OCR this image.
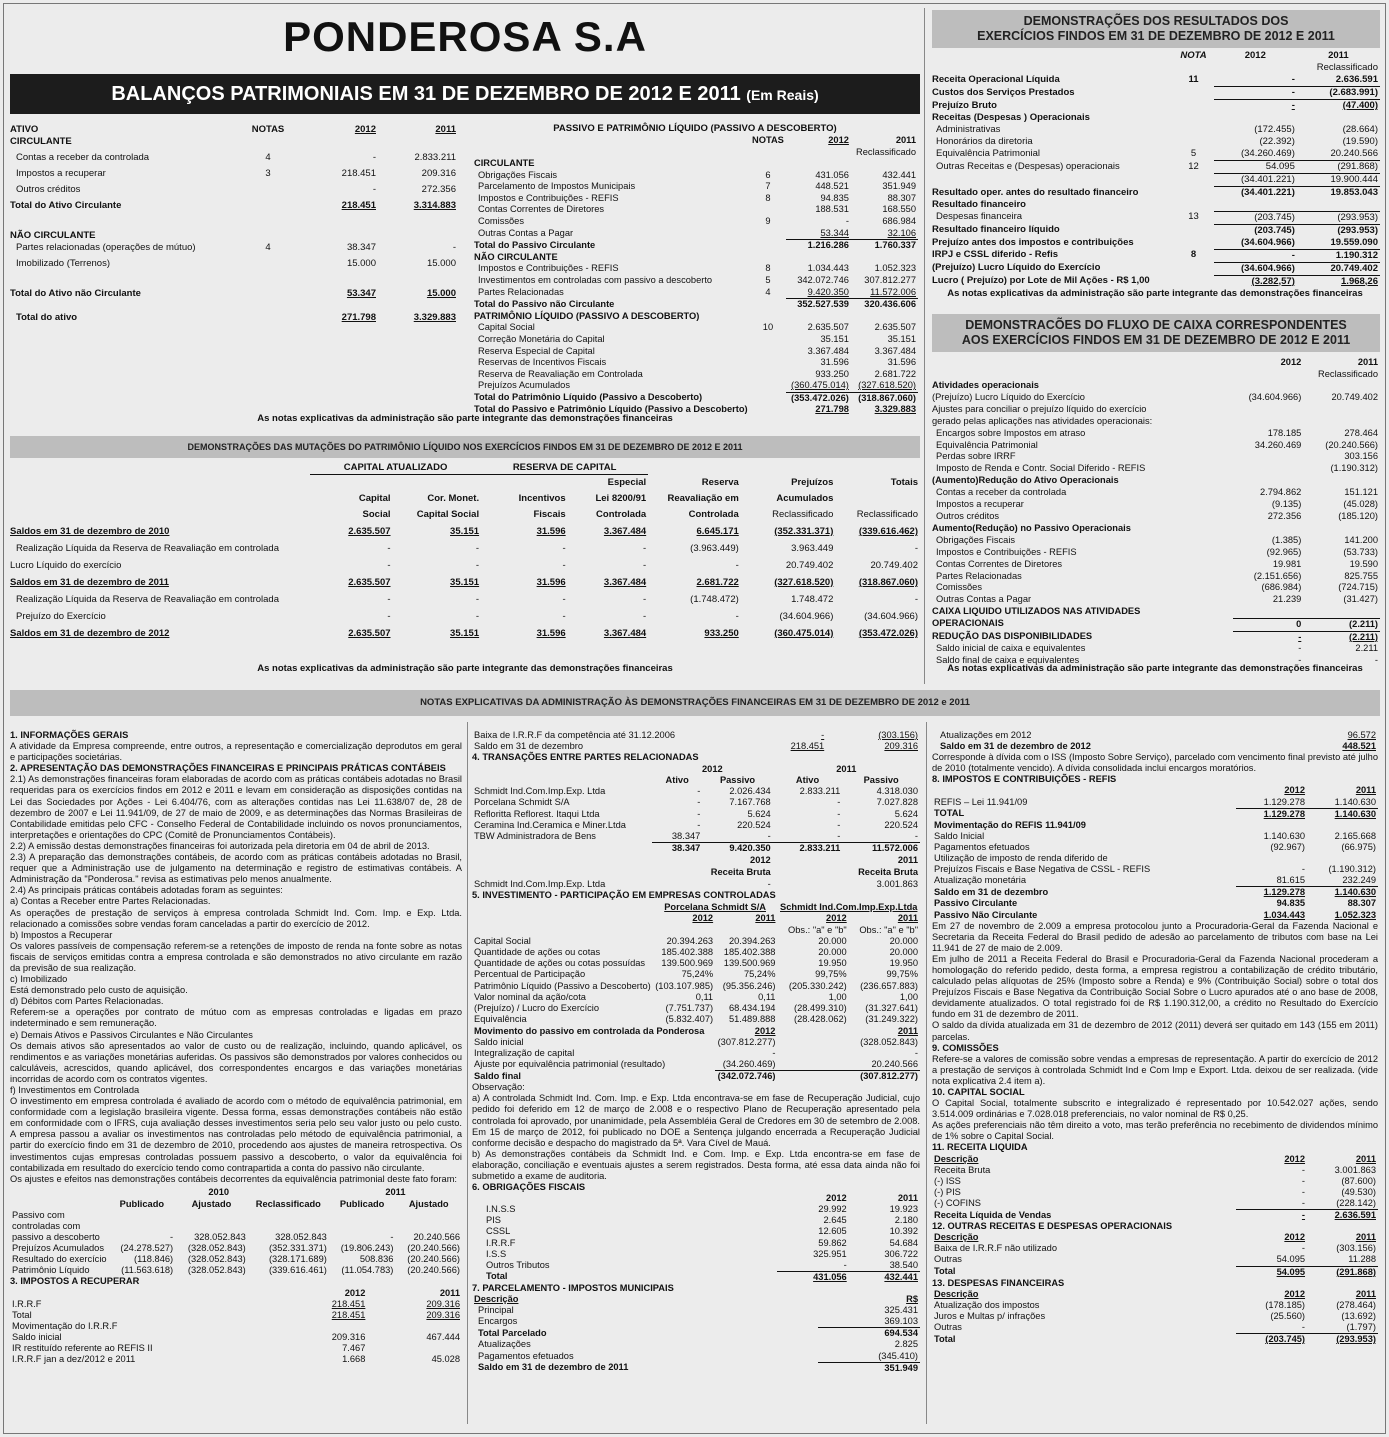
PONDEROSA S.A
BALANÇOS PATRIMONIAIS EM 31 DE DEZEMBRO DE 2012 E 2011 (Em Reais)
ATIVO	NOTAS	2012	2011
CIRCULANTE			
Contas a receber da controlada	4	-	2.833.211
Impostos a recuperar	3	218.451	209.316
Outros créditos		-	272.356
Total do Ativo Circulante		218.451	3.314.883
NÃO CIRCULANTE			
Partes relacionadas (operações de mútuo)	4	38.347	-
Imobilizado (Terrenos)		15.000	15.000
Total do Ativo não Circulante		53.347	15.000
Total do ativo		271.798	3.329.883
PASSIVO E PATRIMÔNIO LÍQUIDO (PASSIVO A DESCOBERTO)
	NOTAS	2012	2011
			Reclassificado
CIRCULANTE			
Obrigações Fiscais	6	431.056	432.441
Parcelamento de Impostos Municipais	7	448.521	351.949
Impostos e Contribuições - REFIS	8	94.835	88.307
Contas Correntes de Diretores		188.531	168.550
Comissões	9	-	686.984
Outras Contas a Pagar		53.344	32.106
Total do Passivo Circulante		1.216.286	1.760.337
NÃO CIRCULANTE			
Impostos e Contribuições - REFIS	8	1.034.443	1.052.323
Investimentos em controladas com passivo a descoberto	5	342.072.746	307.812.277
Partes Relacionadas	4	9.420.350	11.572.006
Total do Passivo não Circulante		352.527.539	320.436.606
PATRIMÔNIO LÍQUIDO (PASSIVO A DESCOBERTO)			
Capital Social	10	2.635.507	2.635.507
Correção Monetária do Capital		35.151	35.151
Reserva Especial de Capital		3.367.484	3.367.484
Reservas de Incentivos Fiscais		31.596	31.596
Reserva de Reavaliação em Controlada		933.250	2.681.722
Prejuízos Acumulados		(360.475.014)	(327.618.520)
Total do Patrimônio Líquido (Passivo a Descoberto)		(353.472.026)	(318.867.060)
Total do Passivo e Patrimônio Líquido (Passivo a Descoberto)		271.798	3.329.883
As notas explicativas da administração são parte integrante das demonstrações financeiras
DEMONSTRAÇÕES DAS MUTAÇÕES DO PATRIMÔNIO LÍQUIDO NOS EXERCÍCIOS FINDOS EM 31 DE DEZEMBRO DE 2012 E 2011
	CAPITAL ATUALIZADO		RESERVA DE CAPITAL				
				Especial	Reserva	Prejuízos	Totais
	Capital	Cor. Monet.	Incentivos	Lei 8200/91	Reavaliação em	Acumulados	
	Social	Capital Social	Fiscais	Controlada	Controlada	Reclassificado	Reclassificado
Saldos em 31 de dezembro de 2010	2.635.507	35.151	31.596	3.367.484	6.645.171	(352.331.371)	(339.616.462)
Realização Líquida da Reserva de Reavaliação em controlada	-	-	-	-	(3.963.449)	3.963.449	-
Lucro Líquido do exercício	-	-	-	-	-	20.749.402	20.749.402
Saldos em 31 de dezembro de 2011	2.635.507	35.151	31.596	3.367.484	2.681.722	(327.618.520)	(318.867.060)
Realização Líquida da Reserva de Reavaliação em controlada	-	-	-	-	(1.748.472)	1.748.472	-
Prejuízo do Exercício	-	-	-	-	-	(34.604.966)	(34.604.966)
Saldos em 31 de dezembro de 2012	2.635.507	35.151	31.596	3.367.484	933.250	(360.475.014)	(353.472.026)
As notas explicativas da administração são parte integrante das demonstrações financeiras
DEMONSTRAÇÕES DOS RESULTADOS DOS
EXERCÍCIOS FINDOS EM 31 DE DEZEMBRO DE 2012 E 2011
	NOTA	2012	2011
			Reclassificado
Receita Operacional Líquida	11	-	2.636.591
Custos dos Serviços Prestados		-	(2.683.991)
Prejuízo Bruto		-	(47.400)
Receitas (Despesas ) Operacionais			
Administrativas		(172.455)	(28.664)
Honorários da diretoria		(22.392)	(19.590)
Equivalência Patrimonial	5	(34.260.469)	20.240.566
Outras Receitas e (Despesas) operacionais	12	54.095	(291.868)
		(34.401.221)	19.900.444
Resultado oper. antes do resultado financeiro		(34.401.221)	19.853.043
Resultado financeiro			
Despesas financeira	13	(203.745)	(293.953)
Resultado financeiro líquido		(203.745)	(293.953)
Prejuízo antes dos impostos e contribuições		(34.604.966)	19.559.090
IRPJ e CSSL diferido - Refis	8	-	1.190.312
(Prejuízo) Lucro Líquido do Exercício		(34.604.966)	20.749.402
Lucro ( Prejuízo) por Lote de Mil Ações - R$ 1,00		(3.282,57)	1.968,26
As notas explicativas da administração são parte integrante das demonstrações financeiras
DEMONSTRACÕES DO FLUXO DE CAIXA CORRESPONDENTES
AOS EXERCÍCIOS FINDOS EM 31 DE DEZEMBRO DE 2012 E 2011
	2012	2011
		Reclassificado
Atividades operacionais		
(Prejuízo) Lucro Líquido do Exercício	(34.604.966)	20.749.402
Ajustes para conciliar o prejuízo líquido do exercício		
gerado pelas aplicações nas atividades operacionais:		
Encargos sobre Impostos em atraso	178.185	278.464
Equivalência Patrimonial	34.260.469	(20.240.566)
Perdas sobre IRRF		303.156
Imposto de Renda e Contr. Social Diferido - REFIS		(1.190.312)
(Aumento)Redução do Ativo Operacionais		
Contas a receber da controlada	2.794.862	151.121
Impostos a recuperar	(9.135)	(45.028)
Outros créditos	272.356	(185.120)
Aumento(Redução) no Passivo Operacionais		
Obrigações Fiscais	(1.385)	141.200
Impostos e Contribuições - REFIS	(92.965)	(53.733)
Contas Correntes de Diretores	19.981	19.590
Partes Relacionadas	(2.151.656)	825.755
Comissões	(686.984)	(724.715)
Outras Contas a Pagar	21.239	(31.427)
CAIXA LIQUIDO UTILIZADOS NAS ATIVIDADES		
OPERACIONAIS	0	(2.211)
REDUÇÃO DAS DISPONIBILIDADES	-	(2.211)
Saldo inicial de caixa e equivalentes	-	2.211
Saldo final de caixa e equivalentes	-	-
As notas explicativas da administração são parte integrante das demonstrações financeiras
NOTAS EXPLICATIVAS DA ADMINISTRAÇÃO ÀS DEMONSTRAÇÕES FINANCEIRAS EM 31 DE DEZEMBRO DE 2012 e 2011

1. INFORMAÇÕES GERAIS

A atividade da Empresa compreende, entre outros, a representação e comercialização deprodutos em geral e participações societárias.

2. APRESENTAÇÃO DAS DEMONSTRAÇÕES FINANCEIRAS E PRINCIPAIS PRÁTICAS CONTÁBEIS

2.1) As demonstrações financeiras foram elaboradas de acordo com as práticas contábeis adotadas no Brasil requeridas para os exercícios findos em 2012 e 2011 e levam em consideração as disposições contidas na Lei das Sociedades por Ações - Lei 6.404/76, com as alterações contidas nas Lei 11.638/07 de, 28 de dezembro de 2007 e Lei 11.941/09, de 27 de maio de 2009, e as determinações das Normas Brasileiras de Contabilidade emitidas pelo CFC - Conselho Federal de Contabilidade incluindo os novos pronunciamentos, interpretações e orientações do CPC (Comitê de Pronunciamentos Contábeis).

2.2) A emissão destas demonstrações financeiras foi autorizada pela diretoria em 04 de abril de 2013.

2.3) A preparação das demonstrações contábeis, de acordo com as práticas contábeis adotadas no Brasil, requer que a Administração use de julgamento na determinação e registro de estimativas contábeis. A Administração da "Ponderosa." revisa as estimativas pelo menos anualmente.

2.4) As principais práticas contábeis adotadas foram as seguintes:

a) Contas a Receber entre Partes Relacionadas.

As operações de prestação de serviços à empresa controlada Schmidt Ind. Com. Imp. e Exp. Ltda. relacionado a comissões sobre vendas foram canceladas a partir do exercício de 2012.

b) Impostos a Recuperar

Os valores passíveis de compensação referem-se a retenções de imposto de renda na fonte sobre as notas fiscais de serviços emitidas contra a empresa controlada e são demonstrados no ativo circulante em razão da previsão de sua realização.

c) Imobilizado

Está demonstrado pelo custo de aquisição.

d) Débitos com Partes Relacionadas.

Referem-se a operações por contrato de mútuo com as empresas controladas e ligadas em prazo indeterminado e sem remuneração.

e) Demais Ativos e Passivos Circulantes e Não Circulantes

Os demais ativos são apresentados ao valor de custo ou de realização, incluindo, quando aplicável, os rendimentos e as variações monetárias auferidas. Os passivos são demonstrados por valores conhecidos ou calculáveis, acrescidos, quando aplicável, dos correspondentes encargos e das variações monetárias incorridas de acordo com os contratos vigentes.

f) Investimentos em Controlada

O investimento em empresa controlada é avaliado de acordo com o método de equivalência patrimonial, em conformidade com a legislação brasileira vigente. Dessa forma, essas demonstrações contábeis não estão em conformidade com o IFRS, cuja avaliação desses investimentos seria pelo seu valor justo ou pelo custo. A empresa passou a avaliar os investimentos nas controladas pelo método de equivalência patrimonial, a partir do exercício findo em 31 de dezembro de 2010, procedendo aos ajustes de maneira retrospectiva. Os investimentos cujas empresas controladas possuem passivo a descoberto, o valor da equivalência foi contabilizada em resultado do exercício tendo como contrapartida a conta do passivo não circulante.

Os ajustes e efeitos nas demonstrações contábeis decorrentes da equivalência patrimonial deste fato foram:

	2010			2011	
	Publicado	Ajustado	Reclassificado	Publicado	Ajustado
Passivo com					
controladas com					
passivo a descoberto	-	328.052.843	328.052.843	-	20.240.566
Prejuízos Acumulados	(24.278.527)	(328.052.843)	(352.331.371)	(19.806.243)	(20.240.566)
Resultado do exercício	(118.846)	(328.052.843)	(328.171.689)	508.836	(20.240.566)
Patrimônio Líquido	(11.563.618)	(328.052.843)	(339.616.461)	(11.054.783)	(20.240.566)

3. IMPOSTOS A RECUPERAR

	2012	2011
I.R.R.F	218.451	209.316
Total	218.451	209.316
Movimentação do I.R.R.F		
Saldo inicial	209.316	467.444
IR restituído referente ao REFIS II	7.467	
I.R.R.F jan a dez/2012 e 2011	1.668	45.028
Baixa de I.R.R.F da competência até 31.12.2006	-	(303.156)
Saldo em 31 de dezembro	218.451	209.316

4. TRANSAÇÕES ENTRE PARTES RELACIONADAS

	2012		2011	
	Ativo	Passivo	Ativo	Passivo
Schmidt Ind.Com.Imp.Exp. Ltda	-	2.026.434	2.833.211	4.318.030
Porcelana Schmidt S/A	-	7.167.768	-	7.027.828
Refloritta Reflorest. Itaqui Ltda	-	5.624	-	5.624
Ceramina Ind.Ceramica e Miner.Ltda	-	220.524	-	220.524
TBW Administradora de Bens	38.347	-	-	-
	38.347	9.420.350	2.833.211	11.572.006
	2012		2011	
	Receita Bruta		Receita Bruta	
Schmidt Ind.Com.Imp.Exp. Ltda	-		3.001.863	

5. INVESTIMENTO - PARTICIPAÇÃO EM EMPRESAS CONTROLADAS

	Porcelana Schmidt S/A		Schmidt Ind.Com.Imp.Exp.Ltda	
	2012	2011	2012	2011
			Obs.: "a" e "b"	Obs.: "a" e "b"
Capital Social	20.394.263	20.394.263	20.000	20.000
Quantidade de ações ou cotas	185.402.388	185.402.388	20.000	20.000
Quantidade de ações ou cotas possuídas	139.500.969	139.500.969	19.950	19.950
Percentual de Participação	75,24%	75,24%	99,75%	99,75%
Patrimônio Líquido (Passivo a Descoberto)	(103.107.985)	(95.356.246)	(205.330.242)	(236.657.883)
Valor nominal da ação/cota	0,11	0,11	1,00	1,00
(Prejuízo) / Lucro do Exercício	(7.751.737)	68.434.194	(28.499.310)	(31.327.641)
Equivalência	(5.832.407)	51.489.888	(28.428.062)	(31.249.322)
Movimento do passivo em controlada da Ponderosa		2012	2011	
Saldo inicial		(307.812.277)	(328.052.843)	
Integralização de capital		-	-	
Ajuste por equivalência patrimonial (resultado)		(34.260.469)	20.240.566	
Saldo final		(342.072.746)	(307.812.277)	

Observação:

a) A controlada Schmidt Ind. Com. Imp. e Exp. Ltda encontrava-se em fase de Recuperação Judicial, cujo pedido foi deferido em 12 de março de 2.008 e o respectivo Plano de Recuperação apresentado pela controlada foi aprovado, por unanimidade, pela Assembléia Geral de Credores em 30 de setembro de 2.008. Em 15 de março de 2012, foi publicado no DOE a Sentença julgando encerrada a Recuperação Judicial conforme decisão e despacho do magistrado da 5ª. Vara Cível de Mauá.

b) As demonstrações contábeis da Schmidt Ind. e Com. Imp. e Exp. Ltda encontra-se em fase de elaboração, conciliação e eventuais ajustes a serem registrados. Desta forma, até essa data ainda não foi submetido a exame de auditoria.

6. OBRIGAÇÕES FISCAIS

	2012	2011
I.N.S.S	29.992	19.923
PIS	2.645	2.180
CSSL	12.605	10.392
I.R.R.F	59.862	54.684
I.S.S	325.951	306.722
Outros Tributos	-	38.540
Total	431.056	432.441

7. PARCELAMENTO - IMPOSTOS MUNICIPAIS

Descrição	R$
Principal	325.431
Encargos	369.103
Total Parcelado	694.534
Atualizações	2.825
Pagamentos efetuados	(345.410)
Saldo em 31 de dezembro de 2011	351.949
Atualizações em 2012	96.572
Saldo em 31 de dezembro de 2012	448.521

Corresponde à dívida com o ISS (Imposto Sobre Serviço), parcelado com vencimento final previsto até julho de 2010 (totalmente vencido). A dívida consolidada inclui encargos moratórios.

8. IMPOSTOS E CONTRIBUIÇÕES - REFIS

	2012	2011
REFIS – Lei 11.941/09	1.129.278	1.140.630
TOTAL	1.129.278	1.140.630
Movimentação do REFIS 11.941/09		
Saldo Inicial	1.140.630	2.165.668
Pagamentos efetuados	(92.967)	(66.975)
Utilização de imposto de renda diferido de		
Prejuízos Fiscais e Base Negativa de CSSL - REFIS	-	(1.190.312)
Atualização monetária	81.615	232.249
Saldo em 31 de dezembro	1.129.278	1.140.630
Passivo Circulante	94.835	88.307
Passivo Não Circulante	1.034.443	1.052.323

Em 27 de novembro de 2.009 a empresa protocolou junto a Procuradoria-Geral da Fazenda Nacional e Secretaria da Receita Federal do Brasil pedido de adesão ao parcelamento de tributos com base na Lei 11.941 de 27 de maio de 2.009.

Em julho de 2011 a Receita Federal do Brasil e Procuradoria-Geral da Fazenda Nacional procederam a homologação do referido pedido, desta forma, a empresa registrou a contabilização de crédito tributário, calculado pelas alíquotas de 25% (Imposto sobre a Renda) e 9% (Contribuição Social) sobre o total dos Prejuízos Fiscais e Base Negativa da Contribuição Social Sobre o Lucro apurados até o ano base de 2008, devidamente atualizados. O total registrado foi de R$ 1.190.312,00, a crédito no Resultado do Exercício fundo em 31 de dezembro de 2011.

O saldo da dívida atualizada em 31 de dezembro de 2012 (2011) deverá ser quitado em 143 (155 em 2011) parcelas.

9. COMISSÕES

Refere-se a valores de comissão sobre vendas a empresas de representação. A partir do exercício de 2012 a prestação de serviços à controlada Schmidt Ind e Com Imp e Export. Ltda. deixou de ser realizada. (vide nota explicativa 2.4 item a).

10. CAPITAL SOCIAL

O Capital Social, totalmente subscrito e integralizado é representado por 10.542.027 ações, sendo 3.514.009 ordinárias e 7.028.018 preferenciais, no valor nominal de R$ 0,25.

As ações preferenciais não têm direito a voto, mas terão preferência no recebimento de dividendos mínimo de 1% sobre o Capital Social.

11. RECEITA LIQUIDA

Descrição	2012	2011
Receita Bruta	-	3.001.863
(-) ISS	-	(87.600)
(-) PIS	-	(49.530)
(-) COFINS	-	(228.142)
Receita Líquida de Vendas	-	2.636.591

12. OUTRAS RECEITAS E DESPESAS OPERACIONAIS

Descrição	2012	2011
Baixa de I.R.R.F não utilizado	-	(303.156)
Outras	54.095	11.288
Total	54.095	(291.868)

13. DESPESAS FINANCEIRAS

Descrição	2012	2011
Atualização dos impostos	(178.185)	(278.464)
Juros e Multas p/ infrações	(25.560)	(13.692)
Outras	-	(1.797)
Total	(203.745)	(293.953)
